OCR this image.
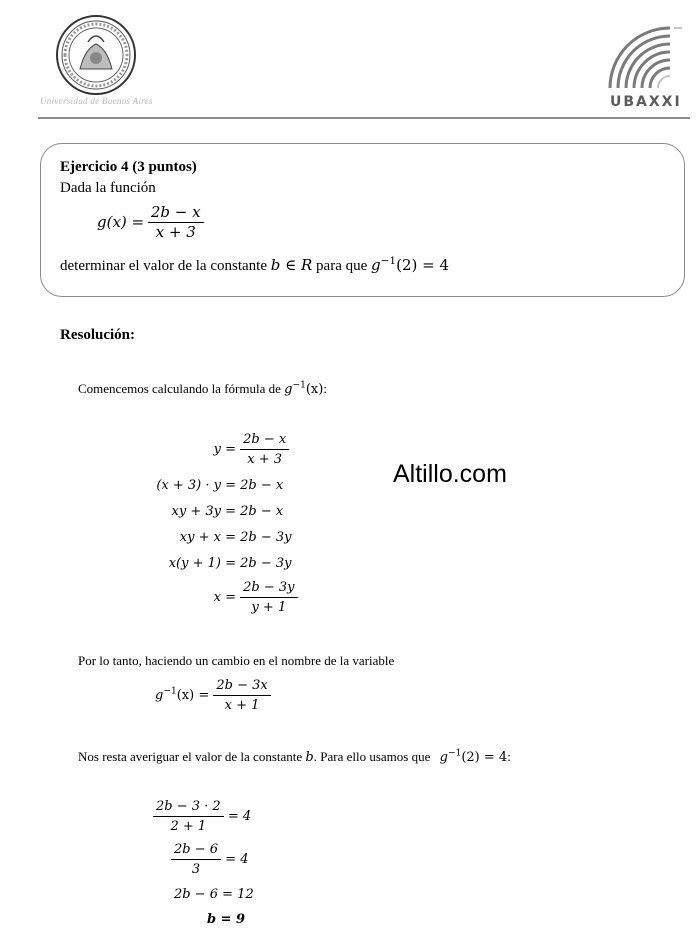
Universidad de Buenos Aires	UBAXXI
Ejercicio 4 (3 puntos)
Dada la función
$g(x) = \frac{2b - x}{x + 3}$
determinar el valor de la constante b ∈ R para que $g^{-1}(2) = 4$
Resolución:
Comencemos calculando la fórmula de $g^{-1}(x)$:
$y = \frac{2b - x}{x + 3}$
(x + 3) · y = 2b − x
xy + 3y = 2b − x
xy + x = 2b − 3y
x(y + 1) = 2b − 3y
$x = \frac{2b - 3y}{y + 1}$
Altillo.com
Por lo tanto, haciendo un cambio en el nombre de la variable
$g^{-1}(x) = \frac{2b - 3x}{x + 1}$
Nos resta averiguar el valor de la constante b. Para ello usamos que $g^{-1}(2) = 4$:
$\frac{2b - 3 \cdot 2}{2 + 1} = 4$
$\frac{2b - 6}{3} = 4$
2b − 6 = 12
b = 9
